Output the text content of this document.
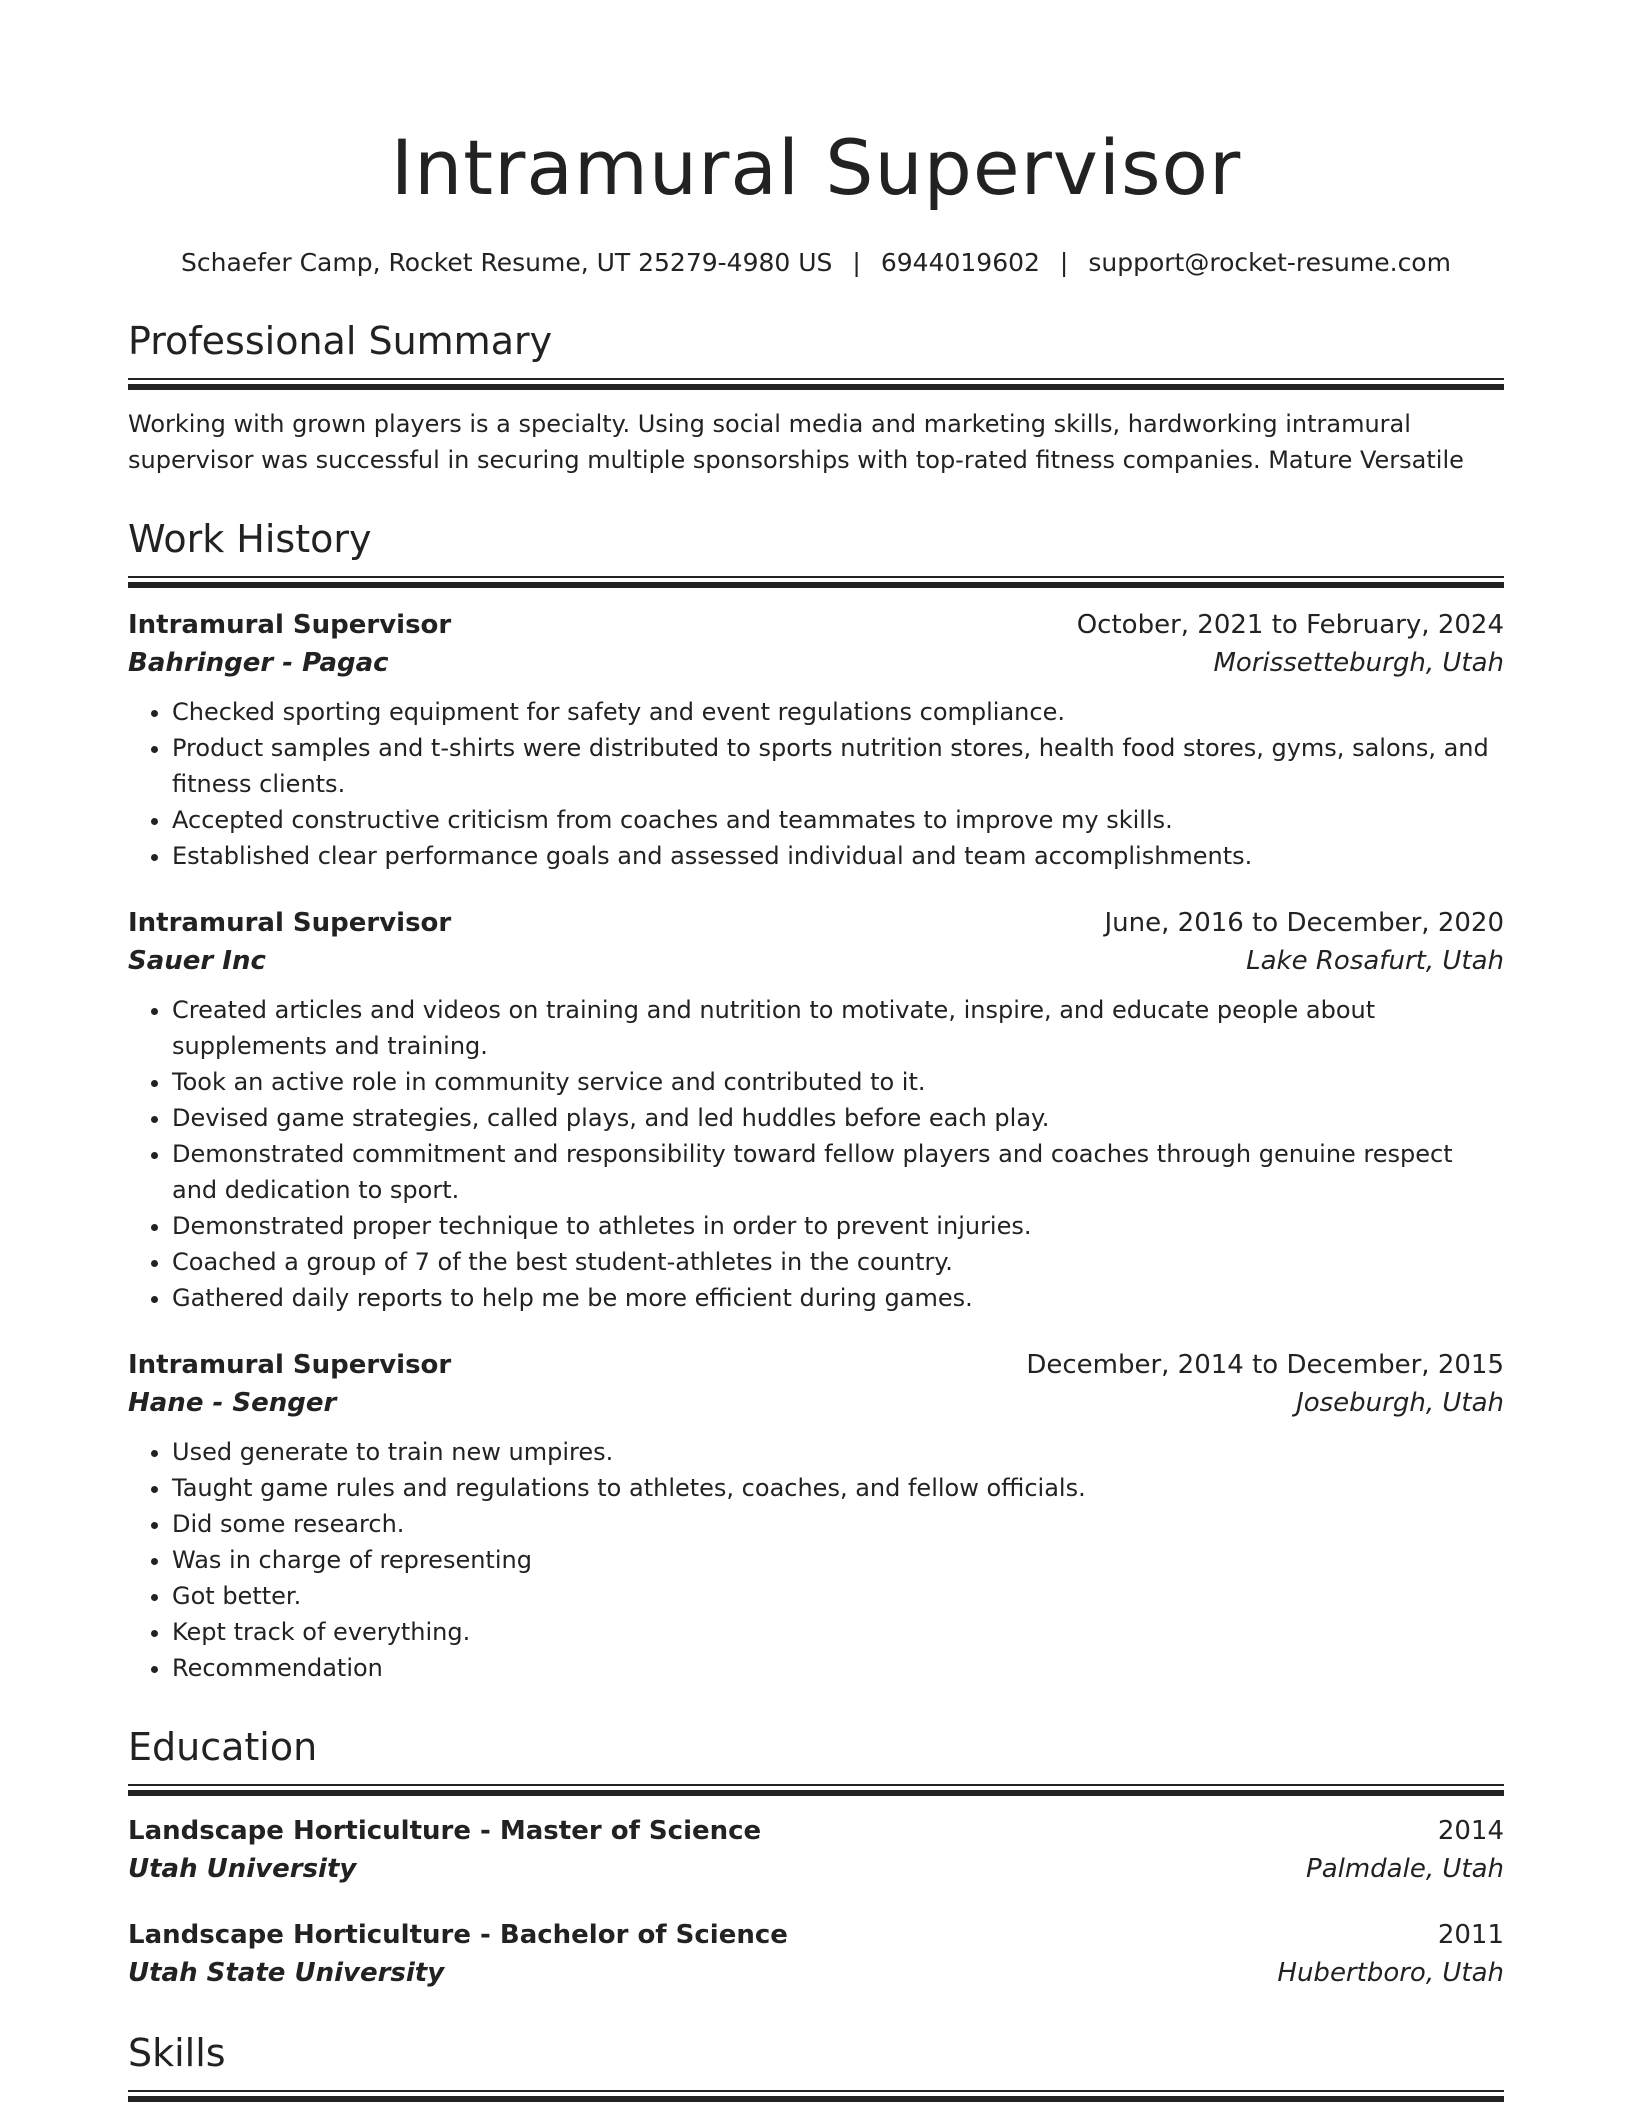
Intramural Supervisor
Schaefer Camp, Rocket Resume, UT 25279-4980 US | 6944019602 | support@rocket-resume.com
Professional Summary
Working with grown players is a specialty. Using social media and marketing skills, hardworking intramural supervisor was successful in securing multiple sponsorships with top-rated fitness companies. Mature Versatile
Work History
Intramural Supervisor	October, 2021 to February, 2024
Bahringer - Pagac	Morissetteburgh, Utah
• Checked sporting equipment for safety and event regulations compliance.
• Product samples and t-shirts were distributed to sports nutrition stores, health food stores, gyms, salons, and fitness clients.
• Accepted constructive criticism from coaches and teammates to improve my skills.
• Established clear performance goals and assessed individual and team accomplishments.
Intramural Supervisor	June, 2016 to December, 2020
Sauer Inc	Lake Rosafurt, Utah
• Created articles and videos on training and nutrition to motivate, inspire, and educate people about supplements and training.
• Took an active role in community service and contributed to it.
• Devised game strategies, called plays, and led huddles before each play.
• Demonstrated commitment and responsibility toward fellow players and coaches through genuine respect and dedication to sport.
• Demonstrated proper technique to athletes in order to prevent injuries.
• Coached a group of 7 of the best student-athletes in the country.
• Gathered daily reports to help me be more efficient during games.
Intramural Supervisor	December, 2014 to December, 2015
Hane - Senger	Joseburgh, Utah
• Used generate to train new umpires.
• Taught game rules and regulations to athletes, coaches, and fellow officials.
• Did some research.
• Was in charge of representing
• Got better.
• Kept track of everything.
• Recommendation
Education
Landscape Horticulture - Master of Science	2014
Utah University	Palmdale, Utah
Landscape Horticulture - Bachelor of Science	2011
Utah State University	Hubertboro, Utah
Skills
